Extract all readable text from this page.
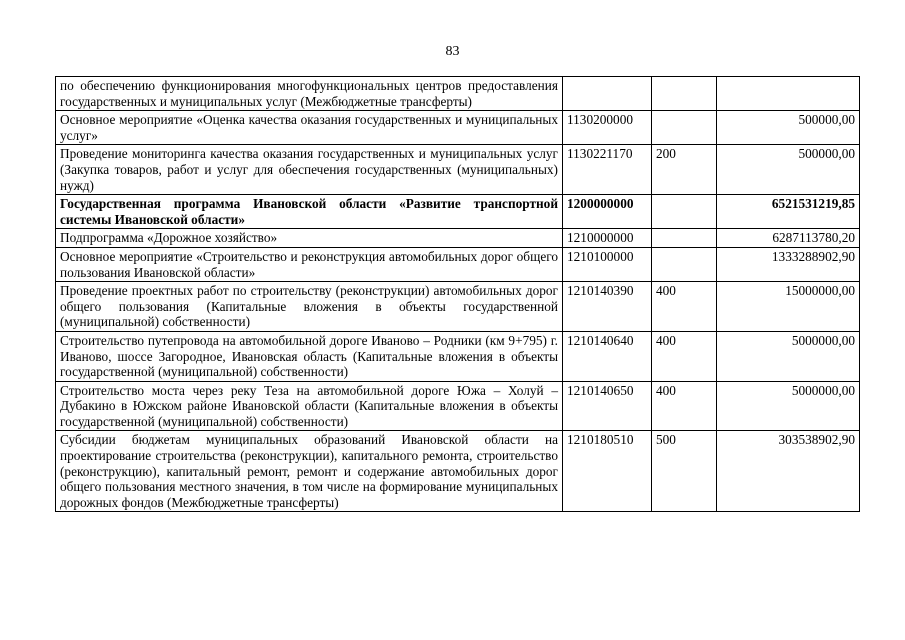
83
по обеспечению функционирования многофункциональных центров предоставления государственных и муниципальных услуг (Межбюджетные трансферты)			
Основное мероприятие «Оценка качества оказания государственных и муниципальных услуг»	1130200000		500000,00
Проведение мониторинга качества оказания государственных и муниципальных услуг (Закупка товаров, работ и услуг для обеспечения государственных (муниципальных) нужд)	1130221170	200	500000,00
Государственная программа Ивановской области «Развитие транспортной системы Ивановской области»	1200000000		6521531219,85
Подпрограмма «Дорожное хозяйство»	1210000000		6287113780,20
Основное мероприятие «Строительство и реконструкция автомобильных дорог общего пользования Ивановской области»	1210100000		1333288902,90
Проведение проектных работ по строительству (реконструкции) автомобильных дорог общего пользования (Капитальные вложения в объекты государственной (муниципальной) собственности)	1210140390	400	15000000,00
Строительство путепровода на автомобильной дороге Иваново – Родники (км 9+795) г. Иваново, шоссе Загородное, Ивановская область (Капитальные вложения в объекты государственной (муниципальной) собственности)	1210140640	400	5000000,00
Строительство моста через реку Теза на автомобильной дороге Южа – Холуй – Дубакино в Южском районе Ивановской области (Капитальные вложения в объекты государственной (муниципальной) собственности)	1210140650	400	5000000,00
Субсидии бюджетам муниципальных образований Ивановской области на проектирование строительства (реконструкции), капитального ремонта, строительство (реконструкцию), капитальный ремонт, ремонт и содержание автомобильных дорог общего пользования местного значения, в том числе на формирование муниципальных дорожных фондов (Межбюджетные трансферты)	1210180510	500	303538902,90
